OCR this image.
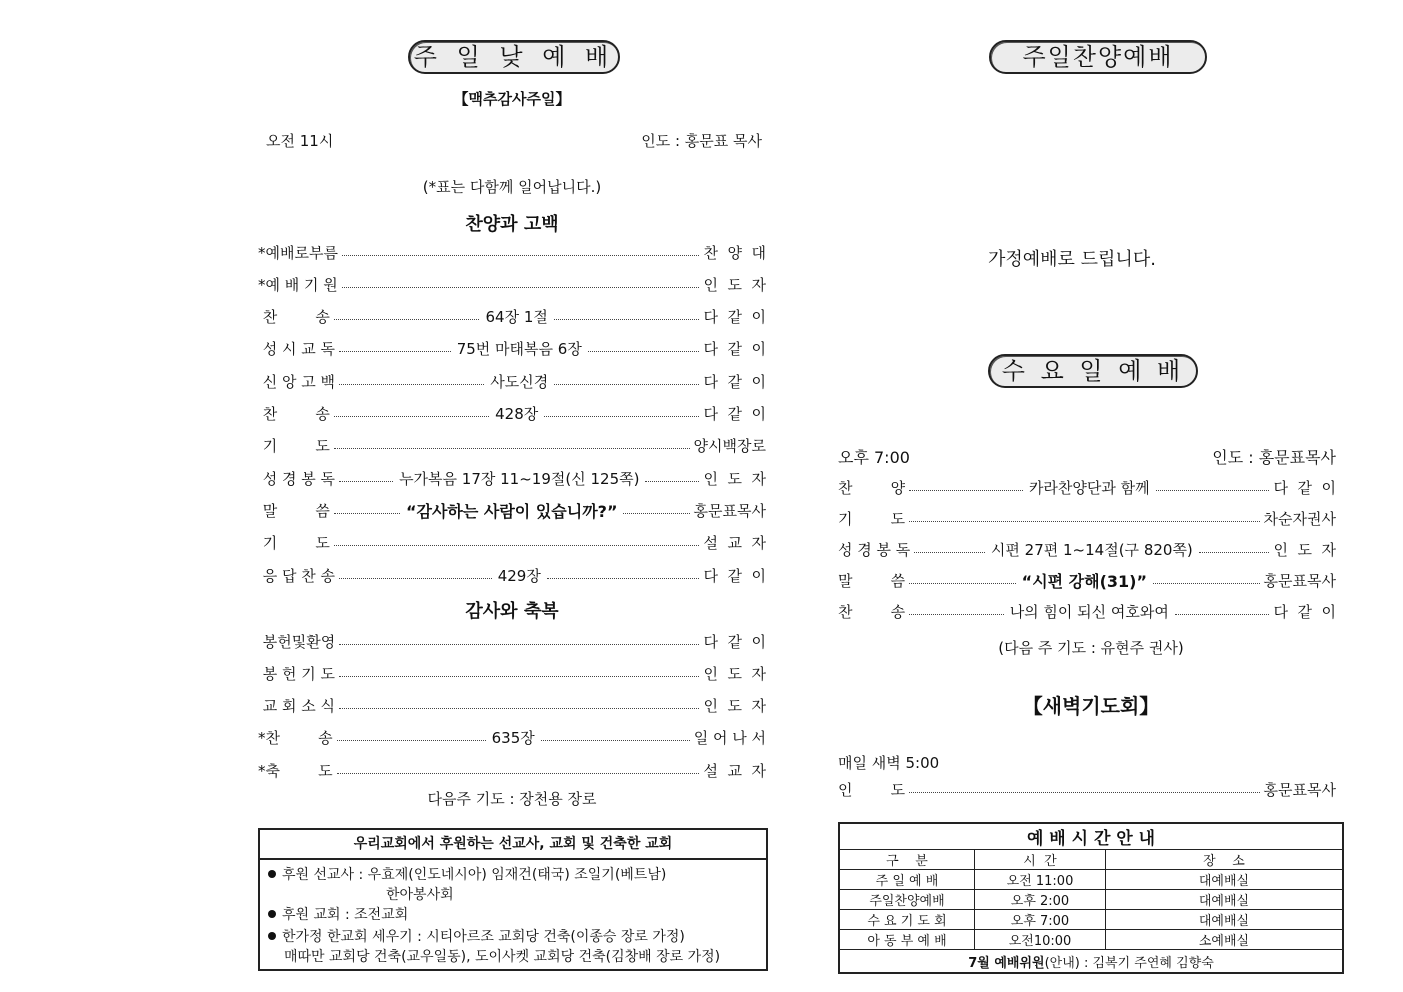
주 일 낮 예 배
【맥추감사주일】
오전 11시	인도 : 홍문표 목사
(*표는 다함께 일어납니다.)
찬양과 고백
*예배로부름	찬  양  대
*예 배 기 원	인  도  자
찬        송	64장 1절	다  같  이
성 시 교 독	75번 마태복음 6장	다  같  이
신 앙 고 백	사도신경	다  같  이
찬        송	428장	다  같  이
기        도	양시백장로
성 경 봉 독	누가복음 17장 11~19절(신 125쪽)	인  도  자
말        씀	“감사하는 사람이 있습니까?”	홍문표목사
기        도	설  교  자
응 답 찬 송	429장	다  같  이
감사와 축복
봉헌및환영	다  같  이
봉 헌 기 도	인  도  자
교 회 소 식	인  도  자
*찬        송	635장	일 어 나 서
*축        도	설  교  자
다음주 기도 : 장천용 장로
우리교회에서 후원하는 선교사, 교회 및 건축한 교회
후원 선교사 : 우효제(인도네시아) 임재건(태국) 조일기(베트남)
한아봉사회
후원 교회 : 조전교회
한가정 한교회 세우기 : 시티아르조 교회당 건축(이종승 장로 가정)
매따만 교회당 건축(교우일동), 도이사켓 교회당 건축(김창배 장로 가정)
주일찬양예배
가정예배로 드립니다.
수 요 일 예 배
오후 7:00	인도 : 홍문표목사
찬        양	카라찬양단과 함께	다  같  이
기        도	차순자권사
성 경 봉 독	시편 27편 1~14절(구 820쪽)	인  도  자
말        씀	“시편 강해(31)”	홍문표목사
찬        송	나의 힘이 되신 여호와여	다  같  이
(다음 주 기도 : 유현주 권사)
【새벽기도회】
매일 새벽 5:00
인        도	홍문표목사
예 배 시 간 안 내		
구    분	시  간	장    소
주 일 예 배	오전 11:00	대예배실
주일찬양예배	오후 2:00	대예배실
수 요 기 도 회	오후 7:00	대예배실
아 동 부 예 배	오전10:00	소예배실
7월 예배위원(안내) : 김복기 주연혜 김향숙		
